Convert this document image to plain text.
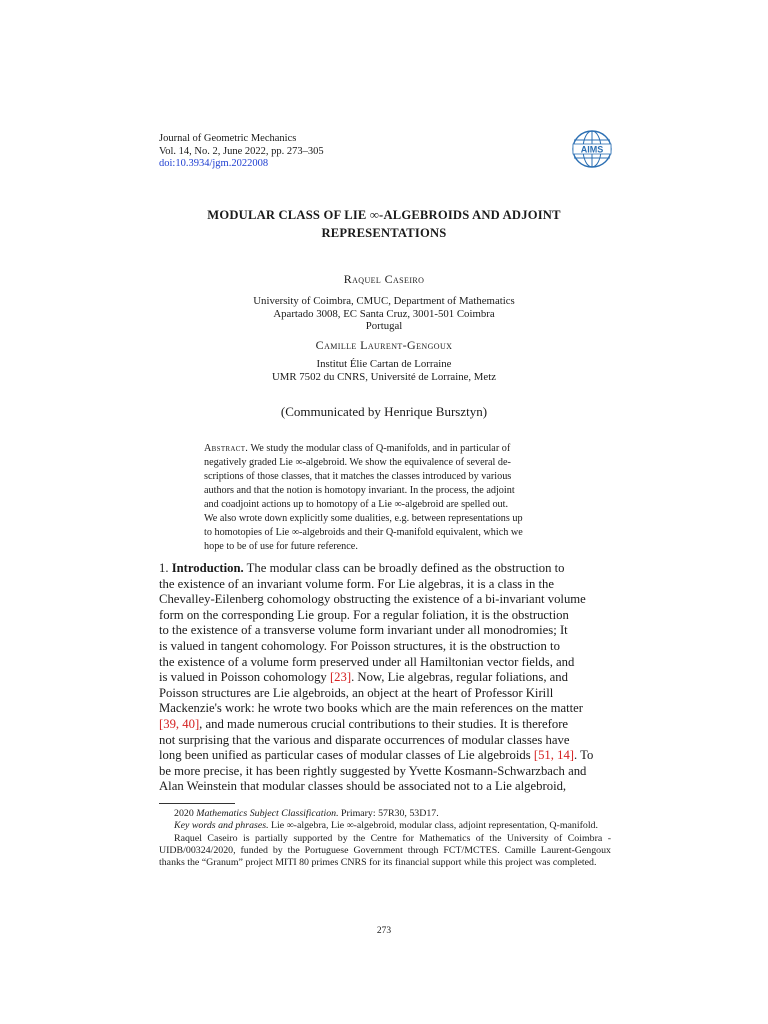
Journal of Geometric Mechanics
Vol. 14, No. 2, June 2022, pp. 273–305
doi:10.3934/jgm.2022008
AIMS
MODULAR CLASS OF LIE ∞-ALGEBROIDS AND ADJOINT
REPRESENTATIONS
Raquel Caseiro
University of Coimbra, CMUC, Department of Mathematics
Apartado 3008, EC Santa Cruz, 3001-501 Coimbra
Portugal
Camille Laurent-Gengoux
Institut Élie Cartan de Lorraine
UMR 7502 du CNRS, Université de Lorraine, Metz
(Communicated by Henrique Bursztyn)
Abstract. We study the modular class of Q-manifolds, and in particular of
negatively graded Lie ∞-algebroid. We show the equivalence of several de-
scriptions of those classes, that it matches the classes introduced by various
authors and that the notion is homotopy invariant. In the process, the adjoint
and coadjoint actions up to homotopy of a Lie ∞-algebroid are spelled out.
We also wrote down explicitly some dualities, e.g. between representations up
to homotopies of Lie ∞-algebroids and their Q-manifold equivalent, which we
hope to be of use for future reference.
1. Introduction. The modular class can be broadly defined as the obstruction to
the existence of an invariant volume form. For Lie algebras, it is a class in the
Chevalley-Eilenberg cohomology obstructing the existence of a bi-invariant volume
form on the corresponding Lie group. For a regular foliation, it is the obstruction
to the existence of a transverse volume form invariant under all monodromies; It
is valued in tangent cohomology. For Poisson structures, it is the obstruction to
the existence of a volume form preserved under all Hamiltonian vector fields, and
is valued in Poisson cohomology [23]. Now, Lie algebras, regular foliations, and
Poisson structures are Lie algebroids, an object at the heart of Professor Kirill
Mackenzie's work: he wrote two books which are the main references on the matter
[39, 40], and made numerous crucial contributions to their studies. It is therefore
not surprising that the various and disparate occurrences of modular classes have
long been unified as particular cases of modular classes of Lie algebroids [51, 14]. To
be more precise, it has been rightly suggested by Yvette Kosmann-Schwarzbach and
Alan Weinstein that modular classes should be associated not to a Lie algebroid,

2020 Mathematics Subject Classification. Primary: 57R30, 53D17.

Key words and phrases. Lie ∞-algebra, Lie ∞-algebroid, modular class, adjoint representation, Q-manifold.

Raquel Caseiro is partially supported by the Centre for Mathematics of the University of Coimbra - UIDB/00324/2020, funded by the Portuguese Government through FCT/MCTES. Camille Laurent-Gengoux thanks the “Granum” project MITI 80 primes CNRS for its financial support while this project was completed.

273
